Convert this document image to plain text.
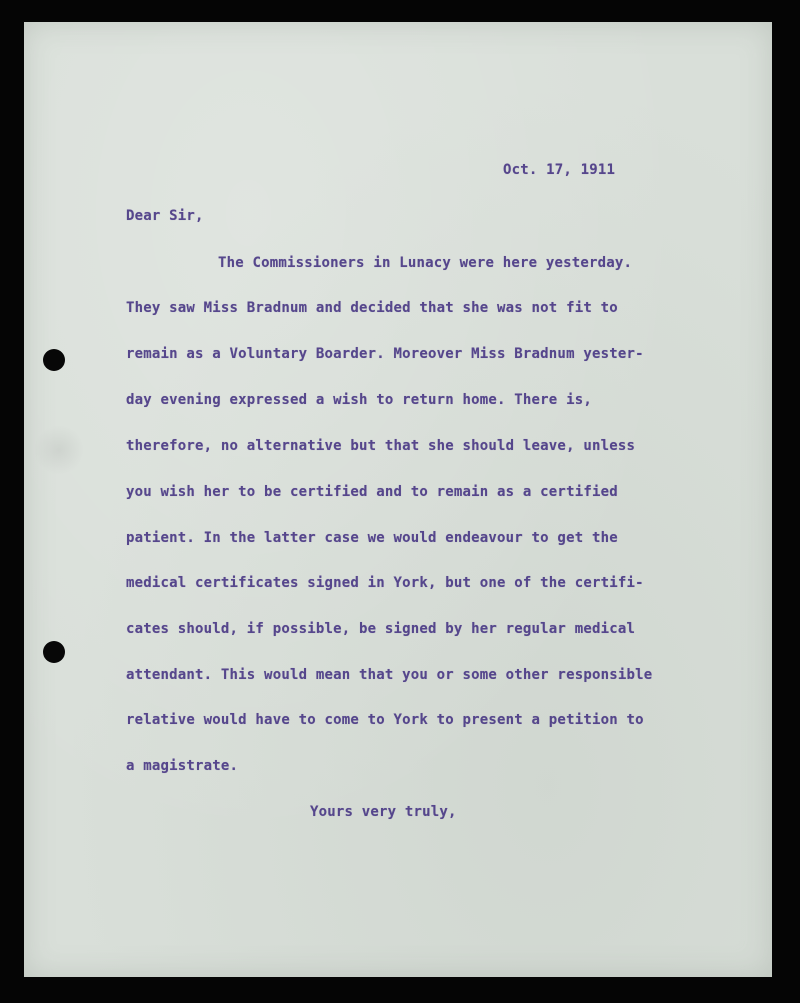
Oct. 17, 1911

Dear Sir,

The Commissioners in Lunacy were here yesterday.

They saw Miss Bradnum and decided that she was not fit to

remain as a Voluntary Boarder. Moreover Miss Bradnum yester-

day evening expressed a wish to return home. There is,

therefore, no alternative but that she should leave, unless

you wish her to be certified and to remain as a certified

patient. In the latter case we would endeavour to get the

medical certificates signed in York, but one of the certifi-

cates should, if possible, be signed by her regular medical

attendant. This would mean that you or some other responsible

relative would have to come to York to present a petition to

a magistrate.

Yours very truly,
